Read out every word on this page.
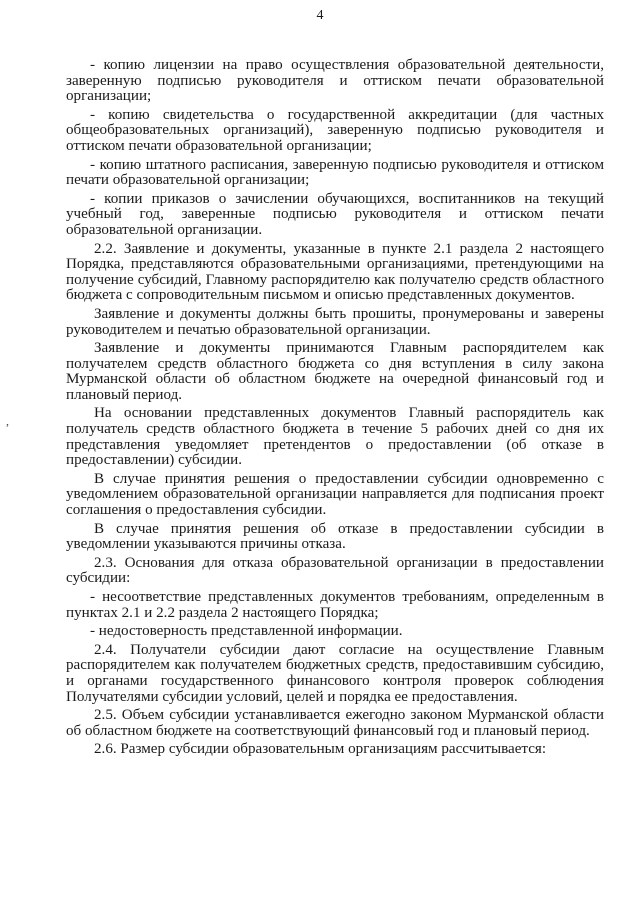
4
,

- копию лицензии на право осуществления образовательной деятельности, заверенную подписью руководителя и оттиском печати образовательной организации;

- копию свидетельства о государственной аккредитации (для частных общеобразовательных организаций), заверенную подписью руководителя и оттиском печати образовательной организации;

- копию штатного расписания, заверенную подписью руководителя и оттиском печати образовательной организации;

- копии приказов о зачислении обучающихся, воспитанников на текущий учебный год, заверенные подписью руководителя и оттиском печати образовательной организации.

2.2. Заявление и документы, указанные в пункте 2.1 раздела 2 настоящего Порядка, представляются образовательными организациями, претендующими на получение субсидий, Главному распорядителю как получателю средств областного бюджета с сопроводительным письмом и описью представленных документов.

Заявление и документы должны быть прошиты, пронумерованы и заверены руководителем и печатью образовательной организации.

Заявление и документы принимаются Главным распорядителем как получателем средств областного бюджета со дня вступления в силу закона Мурманской области об областном бюджете на очередной финансовый год и плановый период.

На основании представленных документов Главный распорядитель как получатель средств областного бюджета в течение 5 рабочих дней со дня их представления уведомляет претендентов о предоставлении (об отказе в предоставлении) субсидии.

В случае принятия решения о предоставлении субсидии одновременно с уведомлением образовательной организации направляется для подписания проект соглашения о предоставления субсидии.

В случае принятия решения об отказе в предоставлении субсидии в уведомлении указываются причины отказа.

2.3. Основания для отказа образовательной организации в предоставлении субсидии:

- несоответствие представленных документов требованиям, определенным в пунктах 2.1 и 2.2 раздела 2 настоящего Порядка;

- недостоверность представленной информации.

2.4. Получатели субсидии дают согласие на осуществление Главным распорядителем как получателем бюджетных средств, предоставившим субсидию, и органами государственного финансового контроля проверок соблюдения Получателями субсидии условий, целей и порядка ее предоставления.

2.5. Объем субсидии устанавливается ежегодно законом Мурманской области об областном бюджете на соответствующий финансовый год и плановый период.

2.6. Размер субсидии образовательным организациям рассчитывается:
